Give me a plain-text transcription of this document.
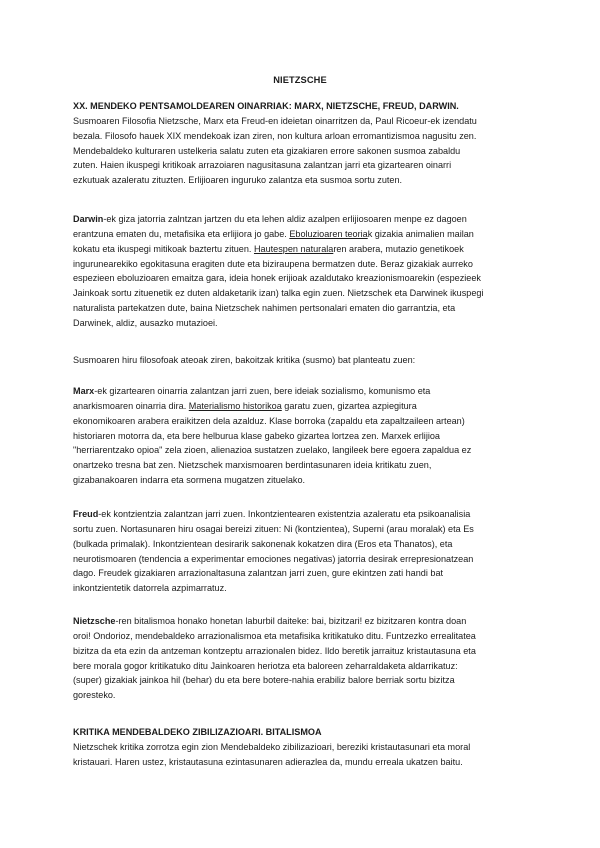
NIETZSCHE
XX. MENDEKO PENTSAMOLDEAREN OINARRIAK: MARX, NIETZSCHE, FREUD, DARWIN.
Susmoaren Filosofia Nietzsche, Marx eta Freud-en ideietan oinarritzen da, Paul Ricoeur-ek izendatu
bezala. Filosofo hauek XIX mendekoak izan ziren, non kultura arloan erromantizismoa nagusitu zen.
Mendebaldeko kulturaren ustelkeria salatu zuten eta gizakiaren errore sakonen susmoa zabaldu
zuten. Haien ikuspegi kritikoak arrazoiaren nagusitasuna zalantzan jarri eta gizartearen oinarri
ezkutuak azaleratu zituzten. Erlijioaren inguruko zalantza eta susmoa sortu zuten.
Darwin-ek giza jatorria zalntzan jartzen du eta lehen aldiz azalpen erlijiosoaren menpe ez dagoen
erantzuna ematen du, metafisika eta erlijiora jo gabe. Eboluzioaren teoriak gizakia animalien mailan
kokatu eta ikuspegi mitikoak baztertu zituen. Hautespen naturalaren arabera, mutazio genetikoek
ingurunearekiko egokitasuna eragiten dute eta biziraupena bermatzen dute. Beraz gizakiak aurreko
espezieen eboluzioaren emaitza gara, ideia honek erijioak azaldutako kreazionismoarekin (espezieek
Jainkoak sortu zituenetik ez duten aldaketarik izan) talka egin zuen. Nietzschek eta Darwinek ikuspegi
naturalista partekatzen dute, baina Nietzschek nahimen pertsonalari ematen dio garrantzia, eta
Darwinek, aldiz, ausazko mutazioei.
Susmoaren hiru filosofoak ateoak ziren, bakoitzak kritika (susmo) bat planteatu zuen:
Marx-ek gizartearen oinarria zalantzan jarri zuen, bere ideiak sozialismo, komunismo eta
anarkismoaren oinarria dira. Materialismo historikoa garatu zuen, gizartea azpiegitura
ekonomikoaren arabera eraikitzen dela azalduz. Klase borroka (zapaldu eta zapaltzaileen artean)
historiaren motorra da, eta bere helburua klase gabeko gizartea lortzea zen. Marxek erlijioa
"herriarentzako opioa" zela zioen, alienazioa sustatzen zuelako, langileek bere egoera zapaldua ez
onartzeko tresna bat zen. Nietzschek marxismoaren berdintasunaren ideia kritikatu zuen,
gizabanakoaren indarra eta sormena mugatzen zituelako.
Freud-ek kontzientzia zalantzan jarri zuen. Inkontzientearen existentzia azaleratu eta psikoanalisia
sortu zuen. Nortasunaren hiru osagai bereizi zituen: Ni (kontzientea), Superni (arau moralak) eta Es
(bulkada primalak). Inkontzientean desirarik sakonenak kokatzen dira (Eros eta Thanatos), eta
neurotismoaren (tendencia a experimentar emociones negativas) jatorria desirak errepresionatzean
dago. Freudek gizakiaren arrazionaltasuna zalantzan jarri zuen, gure ekintzen zati handi bat
inkontzientetik datorrela azpimarratuz.
Nietzsche-ren bitalismoa honako honetan laburbil daiteke: bai, bizitzari! ez bizitzaren kontra doan
oroi! Ondorioz, mendebaldeko arrazionalismoa eta metafisika kritikatuko ditu. Funtzezko errealitatea
bizitza da eta ezin da antzeman kontzeptu arrazionalen bidez. Ildo beretik jarraituz kristautasuna eta
bere morala gogor kritikatuko ditu Jainkoaren heriotza eta baloreen zeharraldaketa aldarrikatuz:
(super) gizakiak jainkoa hil (behar) du eta bere botere-nahia erabiliz balore berriak sortu bizitza
goresteko.
KRITIKA MENDEBALDEKO ZIBILIZAZIOARI. BITALISMOA
Nietzschek kritika zorrotza egin zion Mendebaldeko zibilizazioari, bereziki kristautasunari eta moral
kristauari. Haren ustez, kristautasuna ezintasunaren adierazlea da, mundu erreala ukatzen baitu.
